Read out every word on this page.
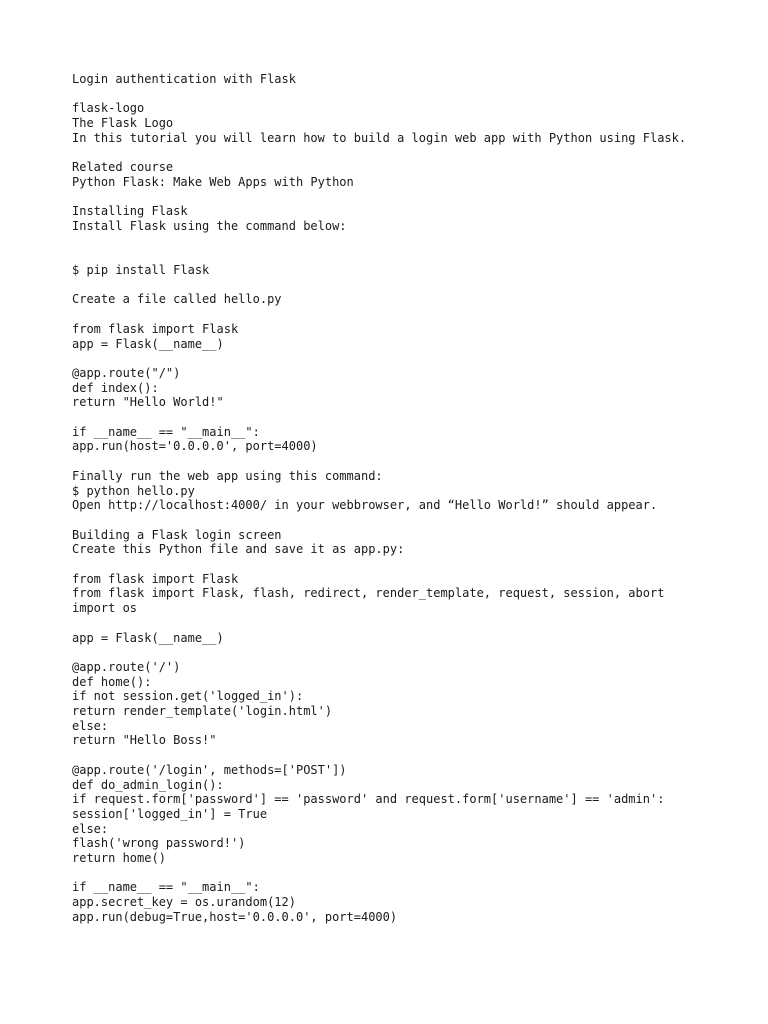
Login authentication with Flask
flask-logo
The Flask Logo
In this tutorial you will learn how to build a login web app with Python using Flask.
Related course
Python Flask: Make Web Apps with Python
Installing Flask
Install Flask using the command below:
$ pip install Flask
Create a file called hello.py
from flask import Flask
app = Flask(__name__)
@app.route("/")
def index():
return "Hello World!"
if __name__ == "__main__":
app.run(host='0.0.0.0', port=4000)
Finally run the web app using this command:
$ python hello.py
Open http://localhost:4000/ in your webbrowser, and “Hello World!” should appear.
Building a Flask login screen
Create this Python file and save it as app.py:
from flask import Flask
from flask import Flask, flash, redirect, render_template, request, session, abort
import os
app = Flask(__name__)
@app.route('/')
def home():
if not session.get('logged_in'):
return render_template('login.html')
else:
return "Hello Boss!"
@app.route('/login', methods=['POST'])
def do_admin_login():
if request.form['password'] == 'password' and request.form['username'] == 'admin':
session['logged_in'] = True
else:
flash('wrong password!')
return home()
if __name__ == "__main__":
app.secret_key = os.urandom(12)
app.run(debug=True,host='0.0.0.0', port=4000)
